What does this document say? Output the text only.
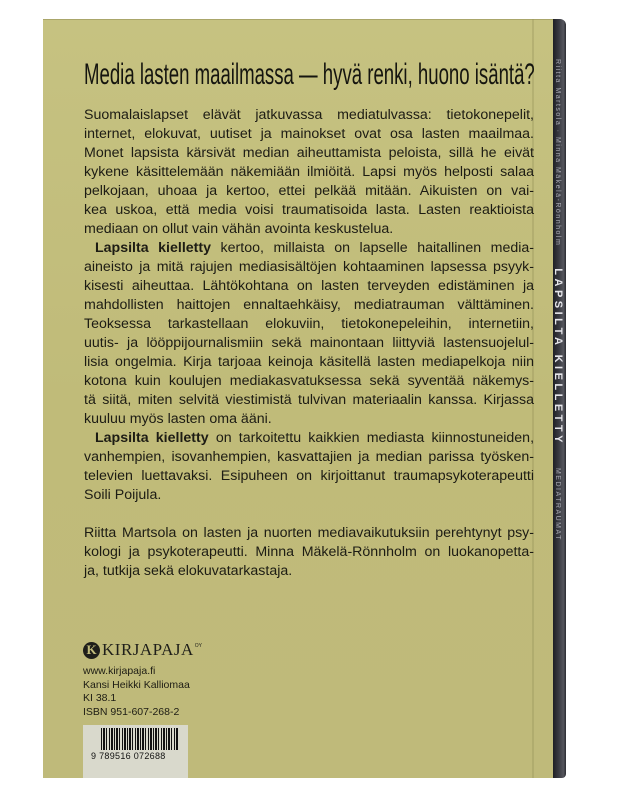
Riitta Martsola · Minna Mäkelä-Rönnholm
LAPSILTA KIELLETTY
MEDIATRAUMAT
Media lasten maailmassa — hyvä renki, huono isäntä?

Suomalaislapset elävät jatkuvassa mediatulvassa: tietokonepelit,
internet, elokuvat, uutiset ja mainokset ovat osa lasten maailmaa.
Monet lapsista kärsivät median aiheuttamista peloista, sillä he eivät
kykene käsittelemään näkemiään ilmiöitä. Lapsi myös helposti salaa
pelkojaan, uhoaa ja kertoo, ettei pelkää mitään. Aikuisten on vai-
kea uskoa, että media voisi traumatisoida lasta. Lasten reaktioista
mediaan on ollut vain vähän avointa keskustelua.

Lapsilta kielletty kertoo, millaista on lapselle haitallinen media-
aineisto ja mitä rajujen mediasisältöjen kohtaaminen lapsessa psyyk-
kisesti aiheuttaa. Lähtökohtana on lasten terveyden edistäminen ja
mahdollisten haittojen ennaltaehkäisy, mediatrauman välttäminen.
Teoksessa tarkastellaan elokuviin, tietokonepeleihin, internetiin,
uutis- ja lööppijournalismiin sekä mainontaan liittyviä lastensuojelul-
lisia ongelmia. Kirja tarjoaa keinoja käsitellä lasten mediapelkoja niin
kotona kuin koulujen mediakasvatuksessa sekä syventää näkemys-
tä siitä, miten selvitä viestimistä tulvivan materiaalin kanssa. Kirjassa
kuuluu myös lasten oma ääni.

Lapsilta kielletty on tarkoitettu kaikkien mediasta kiinnostuneiden,
vanhempien, isovanhempien, kasvattajien ja median parissa työsken-
televien luettavaksi. Esipuheen on kirjoittanut traumapsykoterapeutti
Soili Poijula.

Riitta Martsola on lasten ja nuorten mediavaikutuksiin perehtynyt psy-
kologi ja psykoterapeutti. Minna Mäkelä-Rönnholm on luokanopetta-
ja, tutkija sekä elokuvatarkastaja.

K KIRJAPAJA OY
www.kirjapaja.fi
Kansi Heikki Kalliomaa
KI 38.1
ISBN 951-607-268-2
9 789516 072688
